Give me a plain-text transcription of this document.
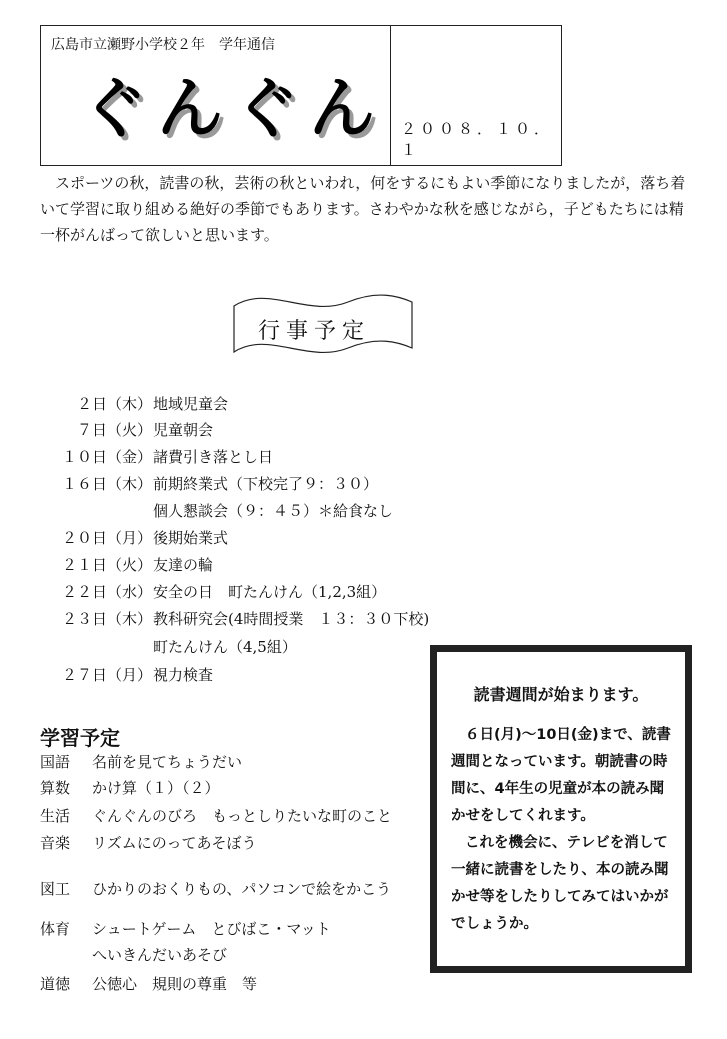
広島市立瀬野小学校２年　学年通信
ぐんぐん ２００８．１０．１
スポーツの秋，読書の秋，芸術の秋といわれ，何をするにもよい季節になりましたが，落ち着いて学習に取り組める絶好の季節でもあります。さわやかな秋を感じながら，子どもたちには精一杯がんばって欲しいと思います。
行事予定
２日（木） 地域児童会
７日（火） 児童朝会
１０日（金） 諸費引き落とし日
１６日（木） 前期終業式（下校完了９：３０）
個人懇談会（９：４５）＊給食なし
２０日（月） 後期始業式
２１日（火） 友達の輪
２２日（水） 安全の日　町たんけん（1,2,3組）
２３日（木） 教科研究会(4時間授業　１３：３０下校)
町たんけん（4,5組）
２７日（月） 視力検査
学習予定
国語 名前を見てちょうだい
算数 かけ算（１）（２）
生活 ぐんぐんのびろ　もっとしりたいな町のこと
音楽 リズムにのってあそぼう
図工 ひかりのおくりもの、パソコンで絵をかこう
体育 シュートゲーム　とびばこ・マット
へいきんだいあそび
道徳 公徳心　規則の尊重　等
読書週間が始まります。

６日(月)～10日(金)まで、読書週間となっています。朝読書の時間に、4年生の児童が本の読み聞かせをしてくれます。

これを機会に、テレビを消して一緒に読書をしたり、本の読み聞かせ等をしたりしてみてはいかがでしょうか。
